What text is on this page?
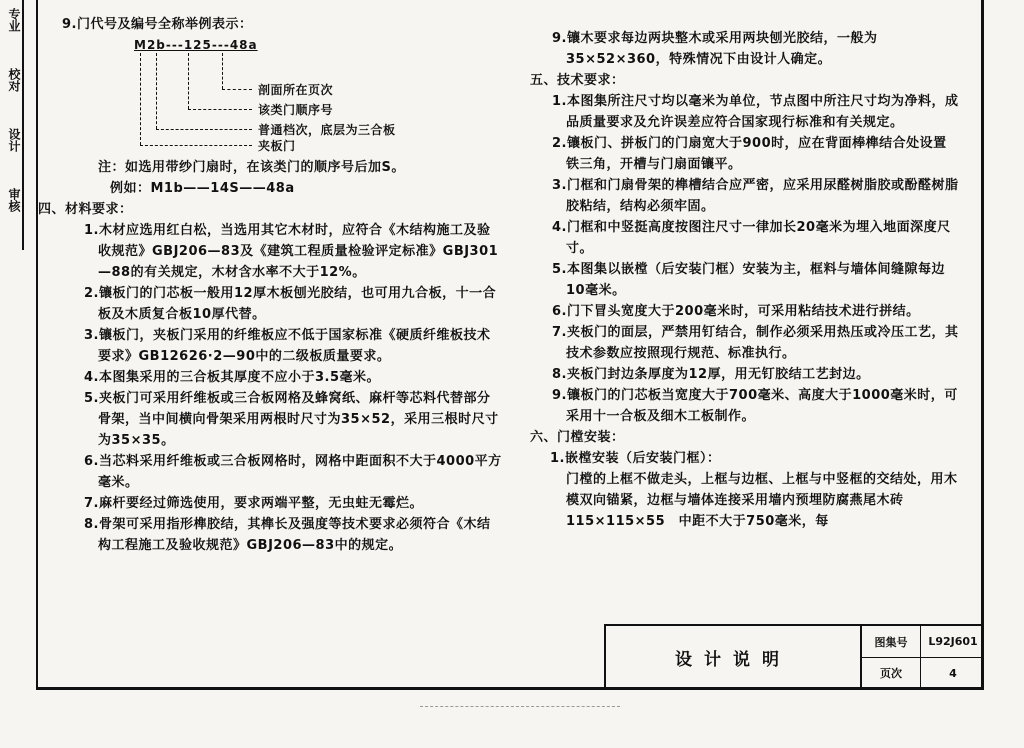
专业
校对
设计
审核

9.门代号及编号全称举例表示：

M2b---125---48a
剖面所在页次
该类门顺序号
普通档次，底层为三合板
夹板门

注：如选用带纱门扇时，在该类门的顺序号后加S。

例如：M1b——14S——48a

四、材料要求：

1.木材应选用红白松，当选用其它木材时，应符合《木结构施工及验收规范》GBJ206—83及《建筑工程质量检验评定标准》GBJ301—88的有关规定，木材含水率不大于12%。

2.镶板门的门芯板一般用12厚木板刨光胶结，也可用九合板，十一合板及木质复合板10厚代替。

3.镶板门，夹板门采用的纤维板应不低于国家标准《硬质纤维板技术要求》GB12626·2—90中的二级板质量要求。

4.本图集采用的三合板其厚度不应小于3.5毫米。

5.夹板门可采用纤维板或三合板网格及蜂窝纸、麻杆等芯料代替部分骨架，当中间横向骨架采用两根时尺寸为35×52，采用三根时尺寸为35×35。

6.当芯料采用纤维板或三合板网格时，网格中距面积不大于4000平方毫米。

7.麻杆要经过筛选使用，要求两端平整，无虫蛀无霉烂。

8.骨架可采用指形榫胶结，其榫长及强度等技术要求必须符合《木结构工程施工及验收规范》GBJ206—83中的规定。

9.镶木要求每边两块整木或采用两块刨光胶结，一般为35×52×360，特殊情况下由设计人确定。

五、技术要求：

1.本图集所注尺寸均以毫米为单位，节点图中所注尺寸均为净料，成品质量要求及允许误差应符合国家现行标准和有关规定。

2.镶板门、拼板门的门扇宽大于900时，应在背面棒榫结合处设置铁三角，开槽与门扇面镶平。

3.门框和门扇骨架的榫槽结合应严密，应采用尿醛树脂胶或酚醛树脂胶粘结，结构必须牢固。

4.门框和中竖挺高度按图注尺寸一律加长20毫米为埋入地面深度尺寸。

5.本图集以嵌樘（后安装门框）安装为主，框料与墙体间缝隙每边10毫米。

6.门下冒头宽度大于200毫米时，可采用粘结技术进行拼结。

7.夹板门的面层，严禁用钉结合，制作必须采用热压或冷压工艺，其技术参数应按照现行规范、标准执行。

8.夹板门封边条厚度为12厚，用无钉胶结工艺封边。

9.镶板门的门芯板当宽度大于700毫米、高度大于1000毫米时，可采用十一合板及细木工板制作。

六、门樘安装：

1.嵌樘安装（后安装门框）：

门樘的上框不做走头，上框与边框、上框与中竖框的交结处，用木模双向锚紧，边框与墙体连接采用墙内预埋防腐燕尾木砖115×115×55　中距不大于750毫米，每

设计说明
图集号	L92J601
页次	4
